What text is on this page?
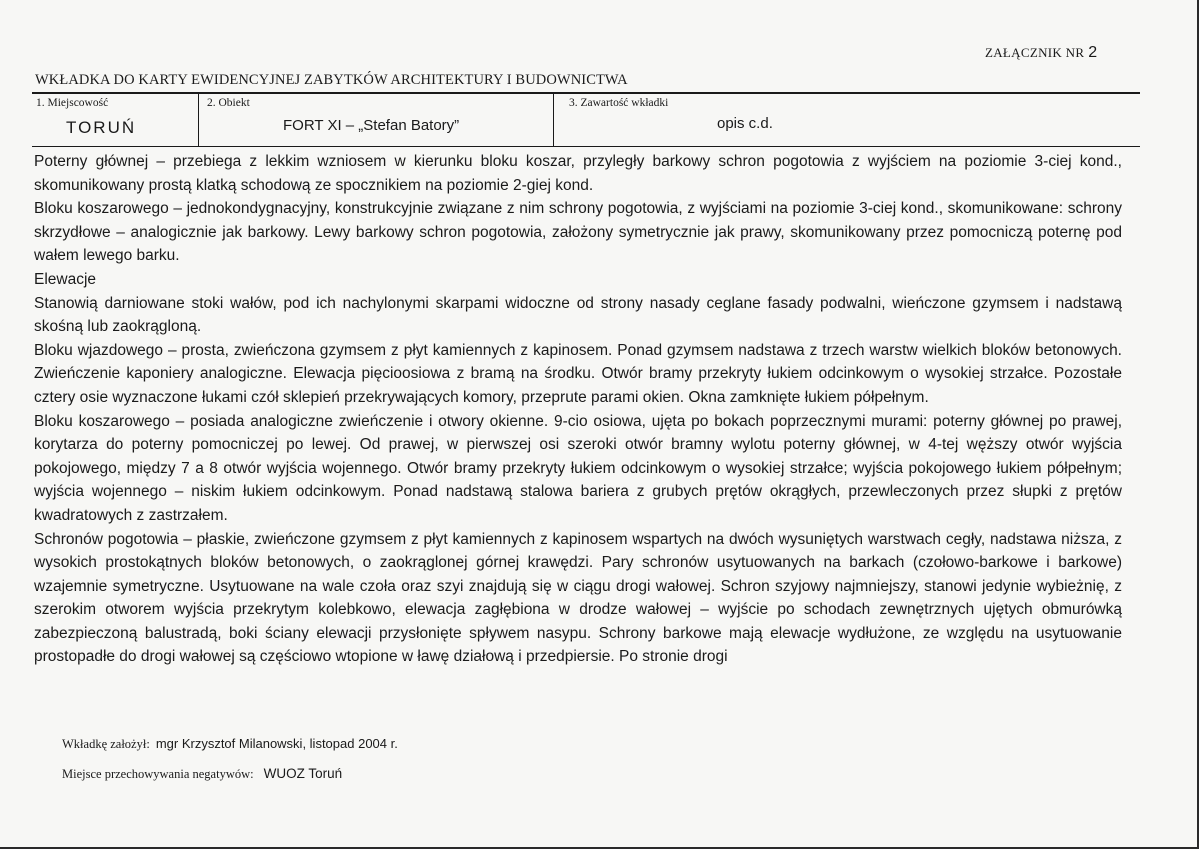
ZAŁĄCZNIK NR 2
WKŁADKA DO KARTY EWIDENCYJNEJ ZABYTKÓW ARCHITEKTURY I BUDOWNICTWA
1. Miejscowość
TORUŃ
2. Obiekt
FORT XI – „Stefan Batory”
3. Zawartość wkładki
opis c.d.

Poterny głównej – przebiega z lekkim wzniosem w kierunku bloku koszar, przyległy barkowy schron pogotowia z wyjściem na poziomie 3-ciej kond., skomunikowany prostą klatką schodową ze spocznikiem na poziomie 2-giej kond.

Bloku koszarowego – jednokondygnacyjny, konstrukcyjnie związane z nim schrony pogotowia, z wyjściami na poziomie 3-ciej kond., skomunikowane: schrony skrzydłowe – analogicznie jak barkowy. Lewy barkowy schron pogotowia, założony symetrycznie jak prawy, skomunikowany przez pomocniczą poternę pod wałem lewego barku.

Elewacje

Stanowią darniowane stoki wałów, pod ich nachylonymi skarpami widoczne od strony nasady ceglane fasady podwalni, wieńczone gzymsem i nadstawą skośną lub zaokrągloną.

Bloku wjazdowego – prosta, zwieńczona gzymsem z płyt kamiennych z kapinosem. Ponad gzymsem nadstawa z trzech warstw wielkich bloków betonowych. Zwieńczenie kaponiery analogiczne. Elewacja pięcioosiowa z bramą na środku. Otwór bramy przekryty łukiem odcinkowym o wysokiej strzałce. Pozostałe cztery osie wyznaczone łukami czół sklepień przekrywających komory, przeprute parami okien. Okna zamknięte łukiem półpełnym.

Bloku koszarowego – posiada analogiczne zwieńczenie i otwory okienne. 9-cio osiowa, ujęta po bokach poprzecznymi murami: poterny głównej po prawej, korytarza do poterny pomocniczej po lewej. Od prawej, w pierwszej osi szeroki otwór bramny wylotu poterny głównej, w 4-tej węższy otwór wyjścia pokojowego, między 7 a 8 otwór wyjścia wojennego. Otwór bramy przekryty łukiem odcinkowym o wysokiej strzałce; wyjścia pokojowego łukiem półpełnym; wyjścia wojennego – niskim łukiem odcinkowym. Ponad nadstawą stalowa bariera z grubych prętów okrągłych, przewleczonych przez słupki z prętów kwadratowych z zastrzałem.

Schronów pogotowia – płaskie, zwieńczone gzymsem z płyt kamiennych z kapinosem wspartych na dwóch wysuniętych warstwach cegły, nadstawa niższa, z wysokich prostokątnych bloków betonowych, o zaokrąglonej górnej krawędzi. Pary schronów usytuowanych na barkach (czołowo-barkowe i barkowe) wzajemnie symetryczne. Usytuowane na wale czoła oraz szyi znajdują się w ciągu drogi wałowej. Schron szyjowy najmniejszy, stanowi jedynie wybieżnię, z szerokim otworem wyjścia przekrytym kolebkowo, elewacja zagłębiona w drodze wałowej – wyjście po schodach zewnętrznych ujętych obmurówką zabezpieczoną balustradą, boki ściany elewacji przysłonięte spływem nasypu. Schrony barkowe mają elewacje wydłużone, ze względu na usytuowanie prostopadłe do drogi wałowej są częściowo wtopione w ławę działową i przedpiersie. Po stronie drogi

Wkładkę założył: mgr Krzysztof Milanowski, listopad 2004 r.
Miejsce przechowywania negatywów: WUOZ Toruń
